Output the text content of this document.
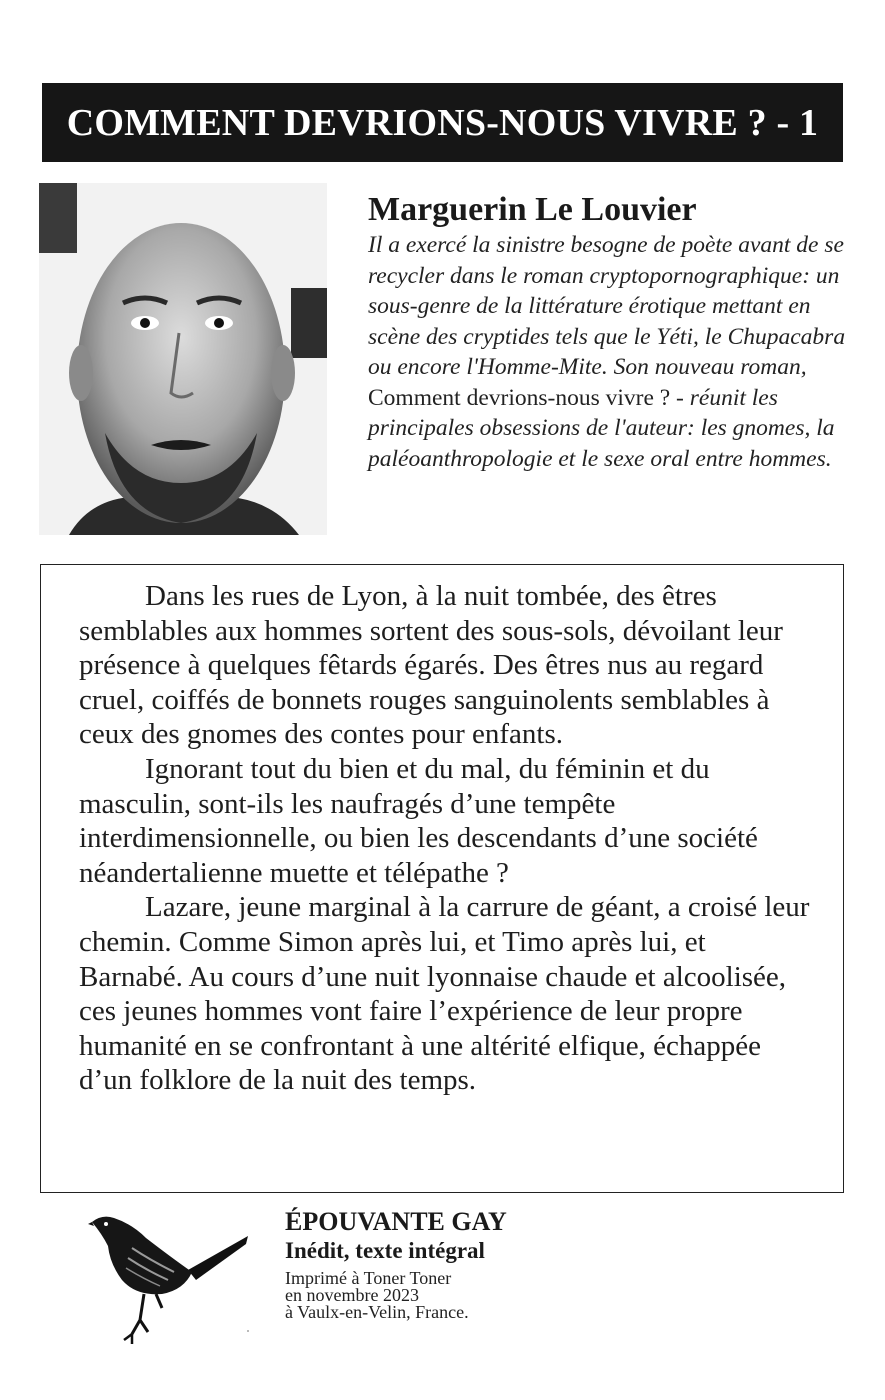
COMMENT DEVRIONS-NOUS VIVRE ? - 1
Marguerin Le Louvier
Il a exercé la sinistre besogne de poète avant de se recycler dans le roman cryptopornographique: un sous-genre de la littérature érotique mettant en scène des cryptides tels que le Yéti, le Chupacabra ou encore l'Homme-Mite. Son nouveau roman, Comment devrions-nous vivre ? - réunit les principales obsessions de l'auteur: les gnomes, la paléoanthropologie et le sexe oral entre hommes.

Dans les rues de Lyon, à la nuit tombée, des êtres semblables aux hommes sortent des sous-sols, dévoilant leur présence à quelques fêtards égarés. Des êtres nus au regard cruel, coiffés de bonnets rouges sanguinolents semblables à ceux des gnomes des contes pour enfants.

Ignorant tout du bien et du mal, du féminin et du masculin, sont-ils les naufragés d’une tempête interdimensionnelle, ou bien les descendants d’une société néandertalienne muette et télépathe ?

Lazare, jeune marginal à la carrure de géant, a croisé leur chemin. Comme Simon après lui, et Timo après lui, et Barnabé. Au cours d’une nuit lyonnaise chaude et alcoolisée, ces jeunes hommes vont faire l’expérience de leur propre humanité en se confrontant à une altérité elfique, échappée d’un folklore de la nuit des temps.

ÉPOUVANTE GAY
Inédit, texte intégral
Imprimé à Toner Toner
en novembre 2023
à Vaulx-en-Velin, France.
